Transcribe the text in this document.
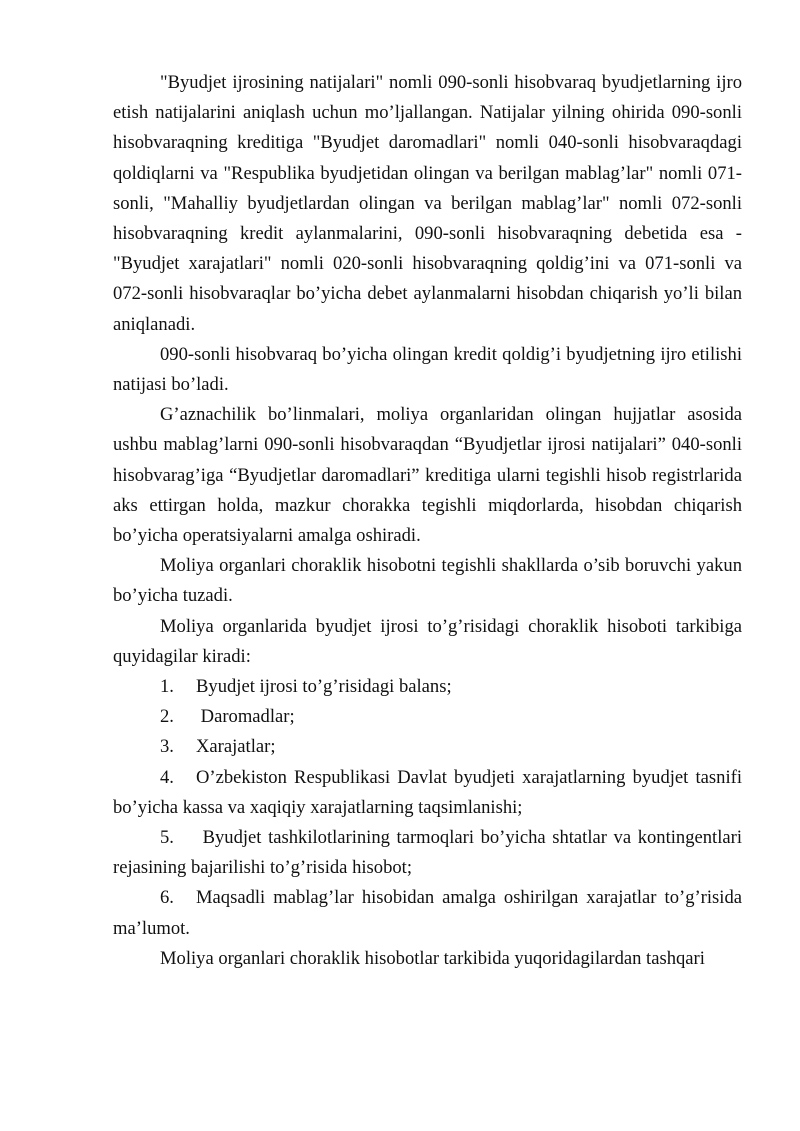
"Byudjet ijrosining natijalari" nomli 090-sonli hisobvaraq byudjetlarning ijro etish natijalarini aniqlash uchun mo’ljallangan. Natijalar yilning ohirida 090-sonli hisobvaraqning kreditiga "Byudjet daromadlari" nomli 040-sonli hisobvaraqdagi qoldiqlarni va "Respublika byudjetidan olingan va berilgan mablag’lar" nomli 071-sonli, "Mahalliy byudjetlardan olingan va berilgan mablag’lar" nomli 072-sonli hisobvaraqning kredit aylanmalarini, 090-sonli hisobvaraqning debetida esa - "Byudjet xarajatlari" nomli 020-sonli hisobvaraqning qoldig’ini va 071-sonli va 072-sonli hisobvaraqlar bo’yicha debet aylanmalarni hisobdan chiqarish yo’li bilan aniqlanadi.

090-sonli hisobvaraq bo’yicha olingan kredit qoldig’i byudjetning ijro etilishi natijasi bo’ladi.

G’aznachilik bo’linmalari, moliya organlaridan olingan hujjatlar asosida ushbu mablag’larni 090-sonli hisobvaraqdan “Byudjetlar ijrosi natijalari” 040-sonli hisobvarag’iga “Byudjetlar daromadlari” kreditiga ularni tegishli hisob registrlarida aks ettirgan holda, mazkur chorakka tegishli miqdorlarda, hisobdan chiqarish bo’yicha operatsiyalarni amalga oshiradi.

Moliya organlari choraklik hisobotni tegishli shakllarda o’sib boruvchi yakun bo’yicha tuzadi.

Moliya organlarida byudjet ijrosi to’g’risidagi choraklik hisoboti tarkibiga quyidagilar kiradi:

1. Byudjet ijrosi to’g’risidagi balans;

2. Daromadlar;

3. Xarajatlar;

4. O’zbekiston Respublikasi Davlat byudjeti xarajatlarning byudjet tasnifi bo’yicha kassa va xaqiqiy xarajatlarning taqsimlanishi;

5. Byudjet tashkilotlarining tarmoqlari bo’yicha shtatlar va kontingentlari rejasining bajarilishi to’g’risida hisobot;

6. Maqsadli mablag’lar hisobidan amalga oshirilgan xarajatlar to’g’risida ma’lumot.

Moliya organlari choraklik hisobotlar tarkibida yuqoridagilardan tashqari
